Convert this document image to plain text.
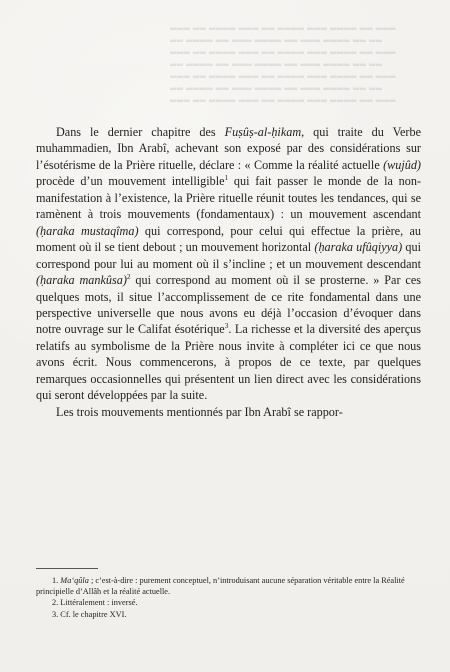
▂▂▂ ▂▂ ▂▂▂▂ ▂▂▂ ▂▂ ▂▂▂▂ ▂▂▂ ▂▂▂▂ ▂▂ ▂▂▂
▂▂ ▂▂▂▂ ▂▂ ▂▂▂ ▂▂▂▂ ▂▂ ▂▂▂ ▂▂▂▂ ▂▂ ▂▂
▂▂▂ ▂▂ ▂▂▂▂ ▂▂▂ ▂▂ ▂▂▂▂ ▂▂▂ ▂▂▂▂ ▂▂ ▂▂▂
▂▂ ▂▂▂▂ ▂▂ ▂▂▂ ▂▂▂▂ ▂▂ ▂▂▂ ▂▂▂▂ ▂▂ ▂▂
▂▂▂ ▂▂ ▂▂▂▂ ▂▂▂ ▂▂ ▂▂▂▂ ▂▂▂ ▂▂▂▂ ▂▂ ▂▂▂
▂▂ ▂▂▂▂ ▂▂ ▂▂▂ ▂▂▂▂ ▂▂ ▂▂▂ ▂▂▂▂ ▂▂ ▂▂
▂▂▂ ▂▂ ▂▂▂▂ ▂▂▂ ▂▂ ▂▂▂▂ ▂▂▂ ▂▂▂▂ ▂▂ ▂▂▂

Dans le dernier chapitre des Fuṣûṣ-al-ḥikam, qui traite du Verbe muhammadien, Ibn Arabî, achevant son exposé par des considérations sur l’ésotérisme de la Prière rituelle, déclare : « Comme la réalité actuelle (wujûd) procède d’un mouvement intelligible$^1$ qui fait passer le monde de la non-manifestation à l’existence, la Prière rituelle réunit toutes les tendances, qui se ramènent à trois mouvements (fondamentaux) : un mouvement ascendant (ḥaraka mustaqîma) qui correspond, pour celui qui effectue la prière, au moment où il se tient debout ; un mouvement horizontal (ḥaraka ufûqiyya) qui correspond pour lui au moment où il s’incline ; et un mouvement descendant (ḥaraka mankûsa)$^2$ qui correspond au moment où il se prosterne. » Par ces quelques mots, il situe l’accomplissement de ce rite fondamental dans une perspective universelle que nous avons eu déjà l’occasion d’évoquer dans notre ouvrage sur le Califat ésotérique$^3$. La richesse et la diversité des aperçus relatifs au symbolisme de la Prière nous invite à compléter ici ce que nous avons écrit. Nous commencerons, à propos de ce texte, par quelques remarques occasionnelles qui présentent un lien direct avec les considérations qui seront développées par la suite.

Les trois mouvements mentionnés par Ibn Arabî se rappor-

1. Ma‘qûla ; c’est-à-dire : purement conceptuel, n’introduisant aucune séparation véritable entre la Réalité principielle d’Allâh et la réalité actuelle.

2. Littéralement : inversé.

3. Cf. le chapitre XVI.
